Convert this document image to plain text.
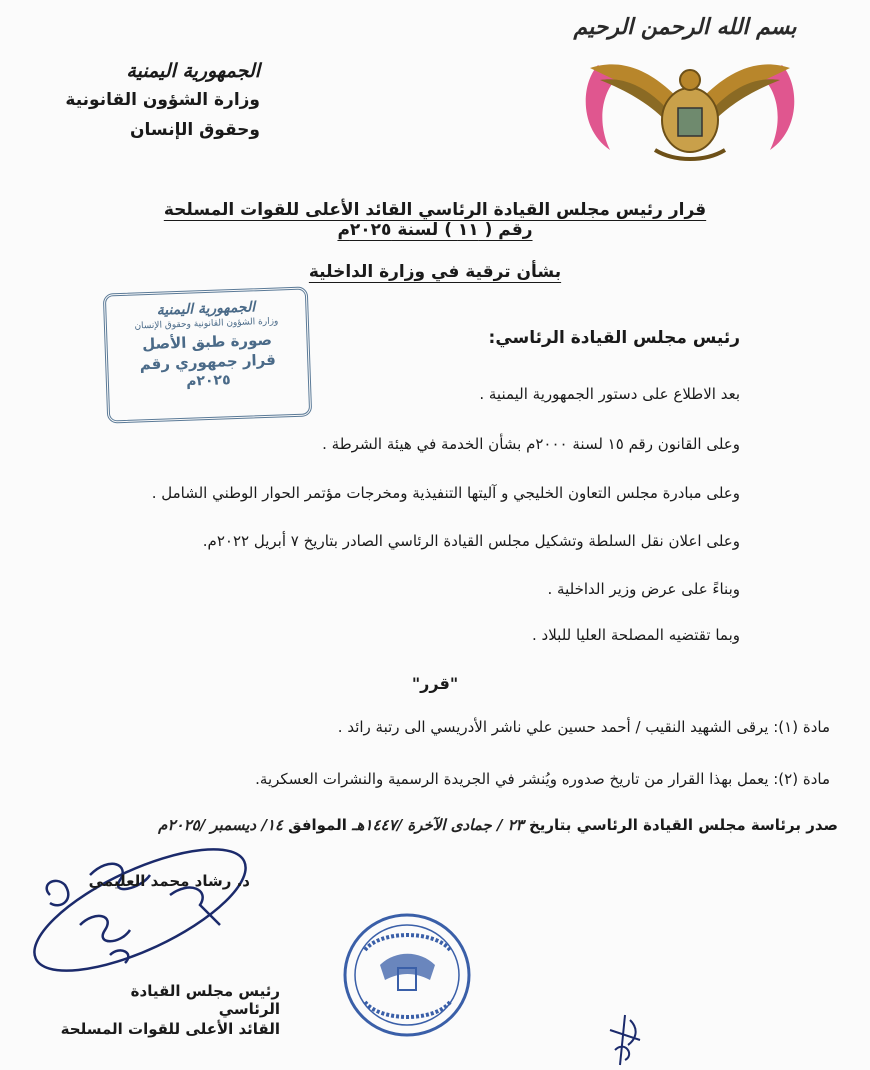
بسم الله الرحمن الرحيم
الجمهورية اليمنية
وزارة الشؤون القانونية
وحقوق الإنسان
قرار رئيس مجلس القيادة الرئاسي القائد الأعلى للقوات المسلحة رقم ( ١١ ) لسنة ٢٠٢٥م
بشأن ترقية في وزارة الداخلية
الجمهورية اليمنية
وزارة الشؤون القانونية وحقوق الإنسان
صورة طبق الأصل
قرار جمهوري رقم
٢٠٢٥م
رئيس مجلس القيادة الرئاسي:
بعد الاطلاع على دستور الجمهورية اليمنية .
وعلى القانون رقم ١٥ لسنة ٢٠٠٠م بشأن الخدمة في هيئة الشرطة .
وعلى مبادرة مجلس التعاون الخليجي و آليتها التنفيذية ومخرجات مؤتمر الحوار الوطني الشامل .
وعلى اعلان نقل السلطة وتشكيل مجلس القيادة الرئاسي الصادر بتاريخ ٧ أبريل ٢٠٢٢م.
وبناءً على عرض وزير الداخلية .
وبما تقتضيه المصلحة العليا للبلاد .
"قرر"
مادة (١): يرقى الشهيد النقيب / أحمد حسين علي ناشر الأدريسي الى رتبة رائد .
مادة (٢): يعمل بهذا القرار من تاريخ صدوره ويُنشر في الجريدة الرسمية والنشرات العسكرية.
صدر برئاسة مجلس القيادة الرئاسي بتاريخ ٢٣ / جمادى الآخرة /١٤٤٧هـ الموافق ١٤/ ديسمبر /٢٠٢٥م
د. رشاد محمد العليمي
رئيس مجلس القيادة الرئاسي
القائد الأعلى للقوات المسلحة
